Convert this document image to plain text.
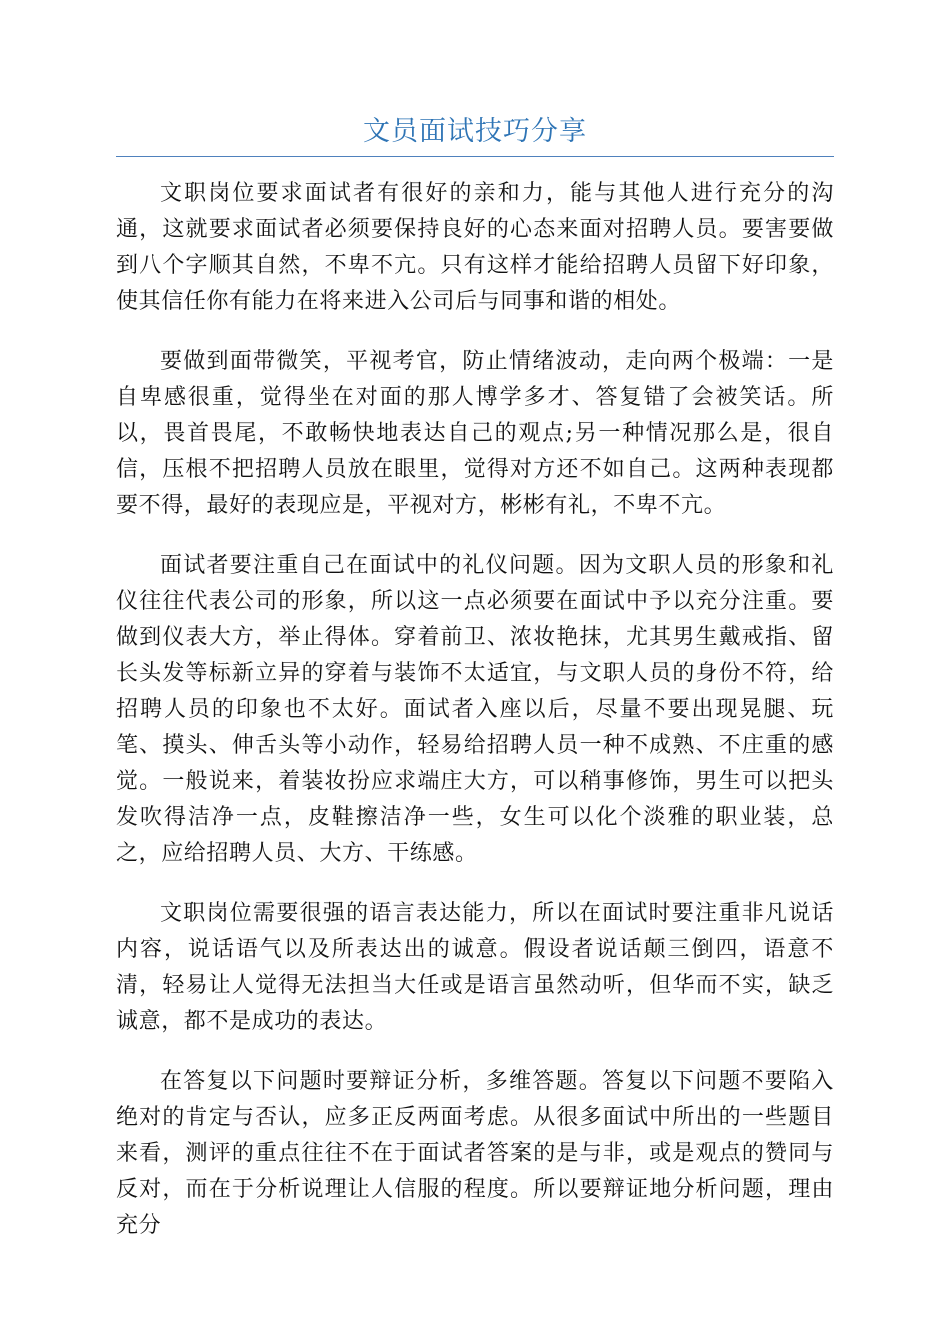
文员面试技巧分享

文职岗位要求面试者有很好的亲和力，能与其他人进行充分的沟通，这就要求面试者必须要保持良好的心态来面对招聘人员。要害要做到八个字顺其自然，不卑不亢。只有这样才能给招聘人员留下好印象，使其信任你有能力在将来进入公司后与同事和谐的相处。

要做到面带微笑，平视考官，防止情绪波动，走向两个极端：一是自卑感很重，觉得坐在对面的那人博学多才、答复错了会被笑话。所以，畏首畏尾，不敢畅快地表达自己的观点;另一种情况那么是，很自信，压根不把招聘人员放在眼里，觉得对方还不如自己。这两种表现都要不得，最好的表现应是，平视对方，彬彬有礼，不卑不亢。

面试者要注重自己在面试中的礼仪问题。因为文职人员的形象和礼仪往往代表公司的形象，所以这一点必须要在面试中予以充分注重。要做到仪表大方，举止得体。穿着前卫、浓妆艳抹，尤其男生戴戒指、留长头发等标新立异的穿着与装饰不太适宜，与文职人员的身份不符，给招聘人员的印象也不太好。面试者入座以后，尽量不要出现晃腿、玩笔、摸头、伸舌头等小动作，轻易给招聘人员一种不成熟、不庄重的感觉。一般说来，着装妆扮应求端庄大方，可以稍事修饰，男生可以把头发吹得洁净一点，皮鞋擦洁净一些，女生可以化个淡雅的职业装，总之，应给招聘人员、大方、干练感。

文职岗位需要很强的语言表达能力，所以在面试时要注重非凡说话内容，说话语气以及所表达出的诚意。假设者说话颠三倒四，语意不清，轻易让人觉得无法担当大任或是语言虽然动听，但华而不实，缺乏诚意，都不是成功的表达。

在答复以下问题时要辩证分析，多维答题。答复以下问题不要陷入绝对的肯定与否认，应多正反两面考虑。从很多面试中所出的一些题目来看，测评的重点往往不在于面试者答案的是与非，或是观点的赞同与反对，而在于分析说理让人信服的程度。所以要辩证地分析问题，理由充分
